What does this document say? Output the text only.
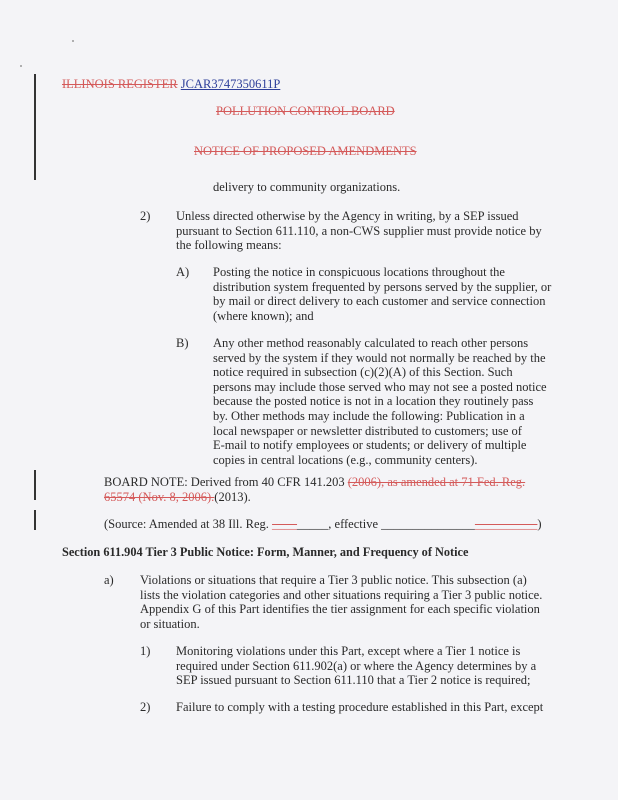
ILLINOIS REGISTER JCAR3747350611P
POLLUTION CONTROL BOARD
NOTICE OF PROPOSED AMENDMENTS
delivery to community organizations.
2) Unless directed otherwise by the Agency in writing, by a SEP issued
pursuant to Section 611.110, a non-CWS supplier must provide notice by
the following means:
A) Posting the notice in conspicuous locations throughout the
distribution system frequented by persons served by the supplier, or
by mail or direct delivery to each customer and service connection
(where known); and
B) Any other method reasonably calculated to reach other persons
served by the system if they would not normally be reached by the
notice required in subsection (c)(2)(A) of this Section. Such
persons may include those served who may not see a posted notice
because the posted notice is not in a location they routinely pass
by. Other methods may include the following: Publication in a
local newspaper or newsletter distributed to customers; use of
E-mail to notify employees or students; or delivery of multiple
copies in central locations (e.g., community centers).
BOARD NOTE: Derived from 40 CFR 141.203 (2006), as amended at 71 Fed. Reg.
65574 (Nov. 8, 2006).(2013).
(Source: Amended at 38 Ill. Reg. _________, effective _________________________)
Section 611.904 Tier 3 Public Notice: Form, Manner, and Frequency of Notice
a) Violations or situations that require a Tier 3 public notice. This subsection (a)
lists the violation categories and other situations requiring a Tier 3 public notice.
Appendix G of this Part identifies the tier assignment for each specific violation
or situation.
1) Monitoring violations under this Part, except where a Tier 1 notice is
required under Section 611.902(a) or where the Agency determines by a
SEP issued pursuant to Section 611.110 that a Tier 2 notice is required;
2) Failure to comply with a testing procedure established in this Part, except
